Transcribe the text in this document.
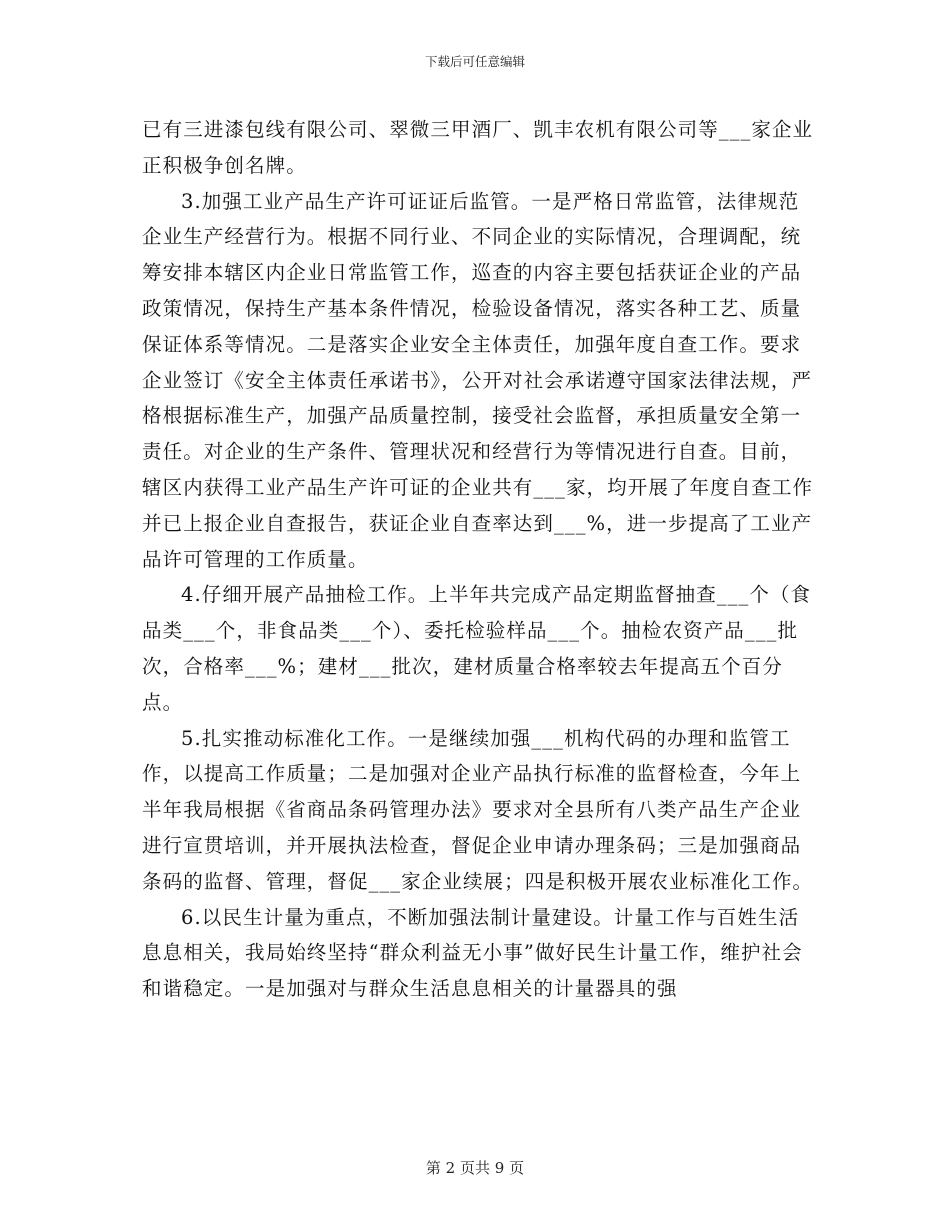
下载后可任意编辑

已有三进漆包线有限公司、翠微三甲酒厂、凯丰农机有限公司等___家企业正积极争创名牌。

3.加强工业产品生产许可证证后监管。一是严格日常监管，法律规范企业生产经营行为。根据不同行业、不同企业的实际情况，合理调配，统筹安排本辖区内企业日常监管工作，巡查的内容主要包括获证企业的产品政策情况，保持生产基本条件情况，检验设备情况，落实各种工艺、质量保证体系等情况。二是落实企业安全主体责任，加强年度自查工作。要求企业签订《安全主体责任承诺书》，公开对社会承诺遵守国家法律法规，严格根据标准生产，加强产品质量控制，接受社会监督，承担质量安全第一责任。对企业的生产条件、管理状况和经营行为等情况进行自查。目前，辖区内获得工业产品生产许可证的企业共有___家，均开展了年度自查工作并已上报企业自查报告，获证企业自查率达到___%，进一步提高了工业产品许可管理的工作质量。

4.仔细开展产品抽检工作。上半年共完成产品定期监督抽查___个（食品类___个，非食品类___个）、委托检验样品___个。抽检农资产品___批次，合格率___%；建材___批次，建材质量合格率较去年提高五个百分点。

5.扎实推动标准化工作。一是继续加强___机构代码的办理和监管工作，以提高工作质量；二是加强对企业产品执行标准的监督检查，今年上半年我局根据《省商品条码管理办法》要求对全县所有八类产品生产企业进行宣贯培训，并开展执法检查，督促企业申请办理条码；三是加强商品条码的监督、管理，督促___家企业续展；四是积极开展农业标准化工作。

6.以民生计量为重点，不断加强法制计量建设。计量工作与百姓生活息息相关，我局始终坚持“群众利益无小事”做好民生计量工作，维护社会和谐稳定。一是加强对与群众生活息息相关的计量器具的强

第 2 页共 9 页
